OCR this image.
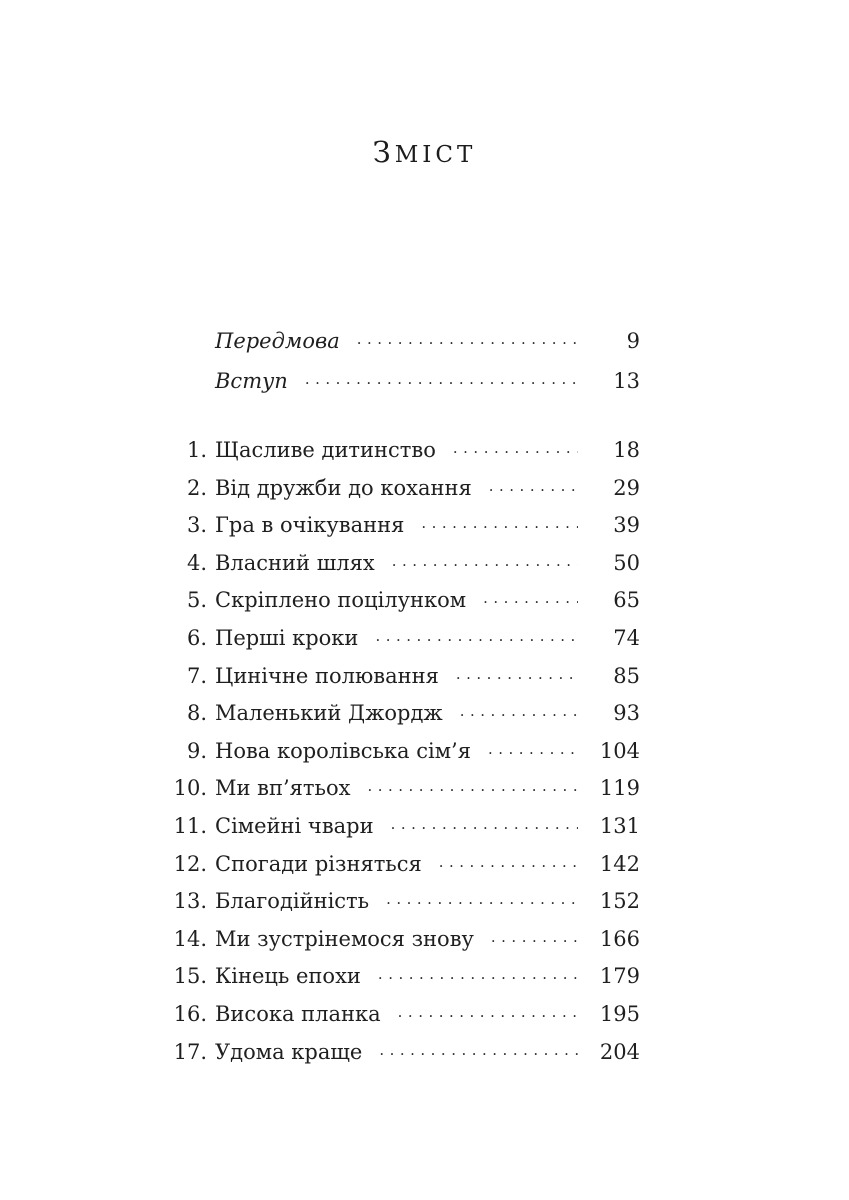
ЗМІСТ
Передмова ·····	9
Вступ ·····	13
1. Щасливе дитинство ·····	18
2. Від дружби до кохання ·····	29
3. Гра в очікування ·····	39
4. Власний шлях ·····	50
5. Скріплено поцілунком ·····	65
6. Перші кроки ·····	74
7. Цинічне полювання ·····	85
8. Маленький Джордж ·····	93
9. Нова королівська сім’я ·····	104
10. Ми вп’ятьох ·····	119
11. Сімейні чвари ·····	131
12. Спогади різняться ·····	142
13. Благодійність ·····	152
14. Ми зустрінемося знову ·····	166
15. Кінець епохи ·····	179
16. Висока планка ·····	195
17. Удома краще ·····	204
